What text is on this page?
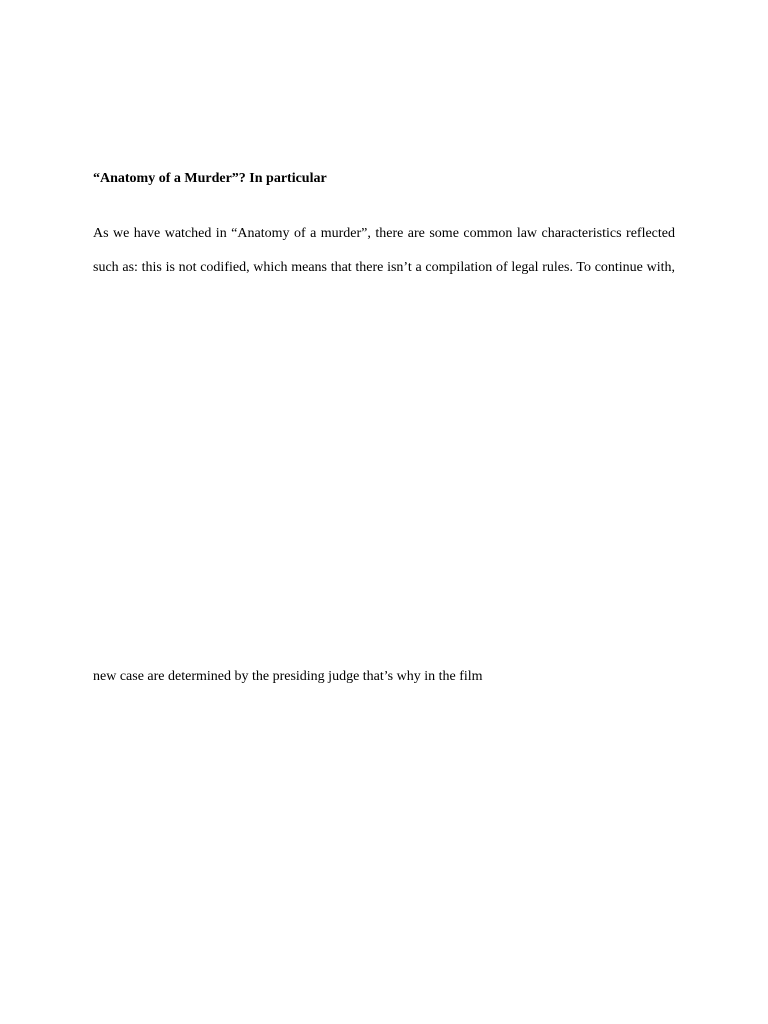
“Anatomy of a Murder”? In particular
As we have watched in “Anatomy of a murder”, there are some common law characteristics reflected
such as: this is not codified, which means that there isn’t a compilation of legal rules. To continue with,
new case are determined by the presiding judge that’s why in the film
